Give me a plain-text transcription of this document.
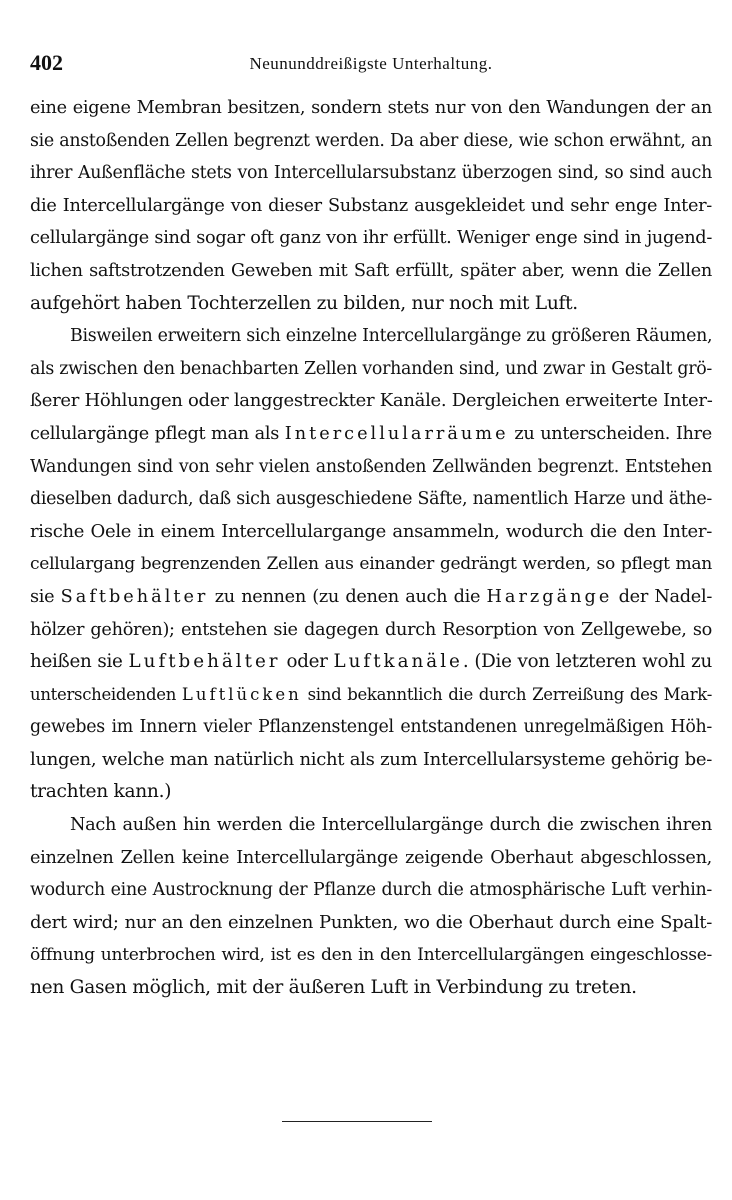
402	Neununddreißigste Unterhaltung.
eine eigene Membran besitzen, sondern stets nur von den Wandungen der an
sie anstoßenden Zellen begrenzt werden. Da aber diese, wie schon erwähnt, an
ihrer Außenfläche stets von Intercellularsubstanz überzogen sind, so sind auch
die Intercellulargänge von dieser Substanz ausgekleidet und sehr enge Inter-
cellulargänge sind sogar oft ganz von ihr erfüllt. Weniger enge sind in jugend-
lichen saftstrotzenden Geweben mit Saft erfüllt, später aber, wenn die Zellen
aufgehört haben Tochterzellen zu bilden, nur noch mit Luft.
Bisweilen erweitern sich einzelne Intercellulargänge zu größeren Räumen,
als zwischen den benachbarten Zellen vorhanden sind, und zwar in Gestalt grö-
ßerer Höhlungen oder langgestreckter Kanäle. Dergleichen erweiterte Inter-
cellulargänge pflegt man als Intercellularräume zu unterscheiden. Ihre
Wandungen sind von sehr vielen anstoßenden Zellwänden begrenzt. Entstehen
dieselben dadurch, daß sich ausgeschiedene Säfte, namentlich Harze und äthe-
rische Oele in einem Intercellulargange ansammeln, wodurch die den Inter-
cellulargang begrenzenden Zellen aus einander gedrängt werden, so pflegt man
sie Saftbehälter zu nennen (zu denen auch die Harzgänge der Nadel-
hölzer gehören); entstehen sie dagegen durch Resorption von Zellgewebe, so
heißen sie Luftbehälter oder Luftkanäle. (Die von letzteren wohl zu
unterscheidenden Luftlücken sind bekanntlich die durch Zerreißung des Mark-
gewebes im Innern vieler Pflanzenstengel entstandenen unregelmäßigen Höh-
lungen, welche man natürlich nicht als zum Intercellularsysteme gehörig be-
trachten kann.)
Nach außen hin werden die Intercellulargänge durch die zwischen ihren
einzelnen Zellen keine Intercellulargänge zeigende Oberhaut abgeschlossen,
wodurch eine Austrocknung der Pflanze durch die atmosphärische Luft verhin-
dert wird; nur an den einzelnen Punkten, wo die Oberhaut durch eine Spalt-
öffnung unterbrochen wird, ist es den in den Intercellulargängen eingeschlosse-
nen Gasen möglich, mit der äußeren Luft in Verbindung zu treten.
